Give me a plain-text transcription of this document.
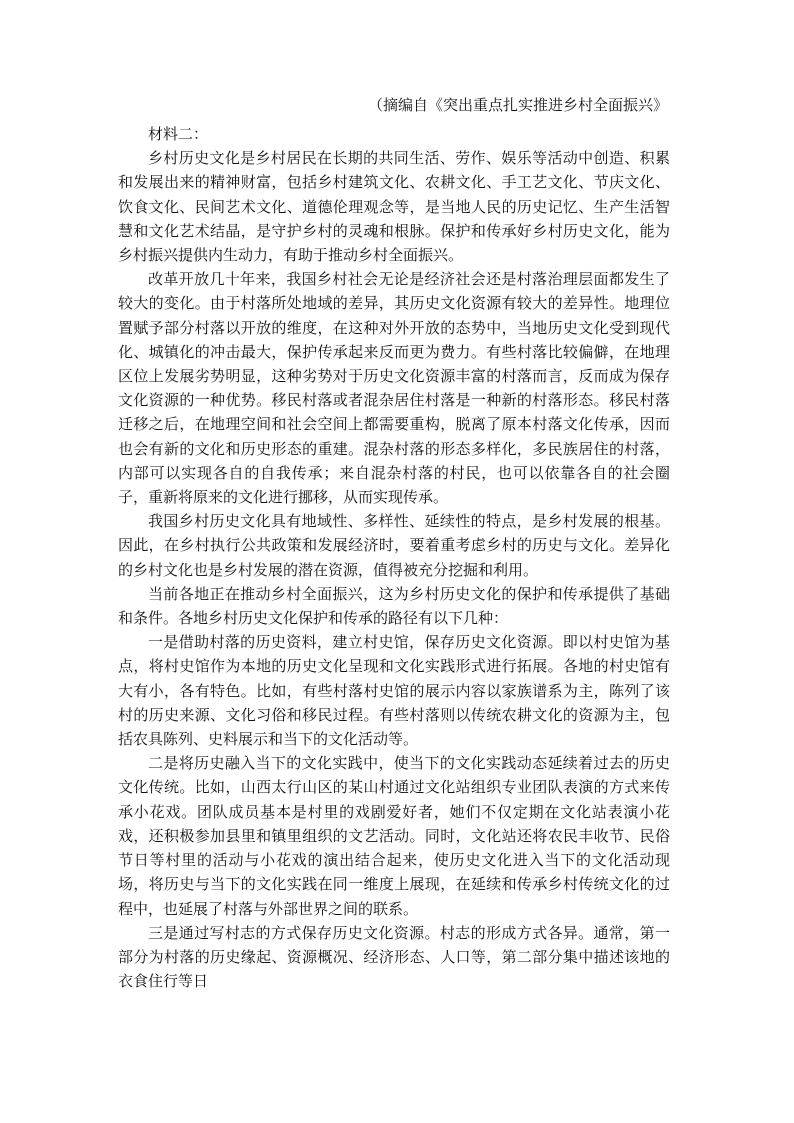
（摘编自《突出重点扎实推进乡村全面振兴》

材料二：

乡村历史文化是乡村居民在长期的共同生活、劳作、娱乐等活动中创造、积累和发展出来的精神财富，包括乡村建筑文化、农耕文化、手工艺文化、节庆文化、饮食文化、民间艺术文化、道德伦理观念等，是当地人民的历史记忆、生产生活智慧和文化艺术结晶，是守护乡村的灵魂和根脉。保护和传承好乡村历史文化，能为乡村振兴提供内生动力，有助于推动乡村全面振兴。

改革开放几十年来，我国乡村社会无论是经济社会还是村落治理层面都发生了较大的变化。由于村落所处地域的差异，其历史文化资源有较大的差异性。地理位置赋予部分村落以开放的维度，在这种对外开放的态势中，当地历史文化受到现代化、城镇化的冲击最大，保护传承起来反而更为费力。有些村落比较偏僻，在地理区位上发展劣势明显，这种劣势对于历史文化资源丰富的村落而言，反而成为保存文化资源的一种优势。移民村落或者混杂居住村落是一种新的村落形态。移民村落迁移之后，在地理空间和社会空间上都需要重构，脱离了原本村落文化传承，因而也会有新的文化和历史形态的重建。混杂村落的形态多样化，多民族居住的村落，内部可以实现各自的自我传承；来自混杂村落的村民，也可以依靠各自的社会圈子，重新将原来的文化进行挪移，从而实现传承。

我国乡村历史文化具有地域性、多样性、延续性的特点，是乡村发展的根基。因此，在乡村执行公共政策和发展经济时，要着重考虑乡村的历史与文化。差异化的乡村文化也是乡村发展的潜在资源，值得被充分挖掘和利用。

当前各地正在推动乡村全面振兴，这为乡村历史文化的保护和传承提供了基础和条件。各地乡村历史文化保护和传承的路径有以下几种：

一是借助村落的历史资料，建立村史馆，保存历史文化资源。即以村史馆为基点，将村史馆作为本地的历史文化呈现和文化实践形式进行拓展。各地的村史馆有大有小，各有特色。比如，有些村落村史馆的展示内容以家族谱系为主，陈列了该村的历史来源、文化习俗和移民过程。有些村落则以传统农耕文化的资源为主，包括农具陈列、史料展示和当下的文化活动等。

二是将历史融入当下的文化实践中，使当下的文化实践动态延续着过去的历史文化传统。比如，山西太行山区的某山村通过文化站组织专业团队表演的方式来传承小花戏。团队成员基本是村里的戏剧爱好者，她们不仅定期在文化站表演小花戏，还积极参加县里和镇里组织的文艺活动。同时，文化站还将农民丰收节、民俗节日等村里的活动与小花戏的演出结合起来，使历史文化进入当下的文化活动现场，将历史与当下的文化实践在同一维度上展现，在延续和传承乡村传统文化的过程中，也延展了村落与外部世界之间的联系。

三是通过写村志的方式保存历史文化资源。村志的形成方式各异。通常，第一部分为村落的历史缘起、资源概况、经济形态、人口等，第二部分集中描述该地的衣食住行等日
